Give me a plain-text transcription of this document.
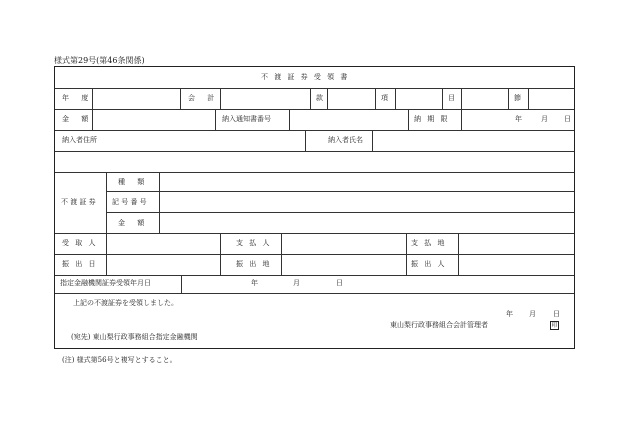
様式第29号(第46条関係)
不 渡 証 券 受 領 書
年 度	会 計	款	項	目	節
金 額	納入通知書番号	納 期 限	年	月 日
納入者住所	納入者氏名
不 渡 証 券
種 類
記 号 番 号
金 額
受 取 人	支 払 人	支 払 地
振 出 日	振 出 地	振 出 人
指定金融機関証券受領年月日	年	月	日
上記の不渡証券を受領しました。
年 月 日
東山梨行政事務組合会計管理者	印
(宛先) 東山梨行政事務組合指定金融機関
(注) 様式第56号と複写とすること。
